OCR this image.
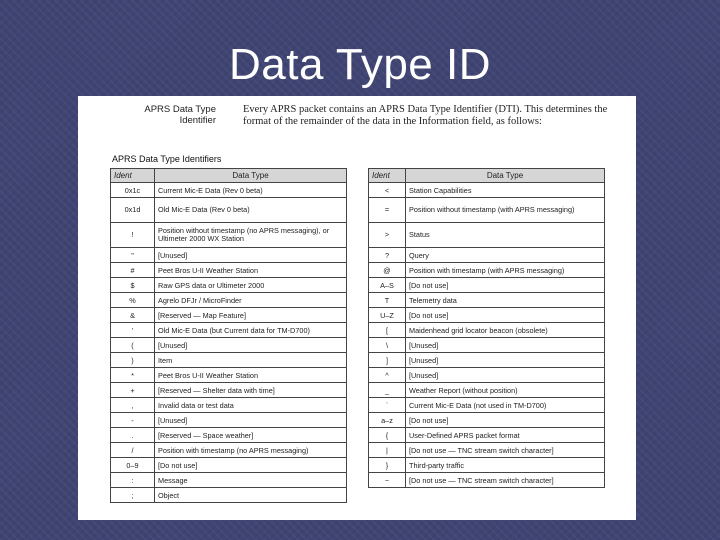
Data Type ID
APRS Data Type Identifier
Every APRS packet contains an APRS Data Type Identifier (DTI). This determines the format of the remainder of the data in the Information field, as follows:
APRS Data Type Identifiers
Ident	Data Type
0x1c	Current Mic-E Data (Rev 0 beta)
0x1d	Old Mic-E Data (Rev 0 beta)
!	Position without timestamp (no APRS messaging), or Ultimeter 2000 WX Station
"	[Unused]
#	Peet Bros U-II Weather Station
$	Raw GPS data or Ultimeter 2000
%	Agrelo DFJr / MicroFinder
&	[Reserved — Map Feature]
'	Old Mic-E Data (but Current data for TM-D700)
(	[Unused]
)	Item
*	Peet Bros U-II Weather Station
+	[Reserved — Shelter data with time]
,	Invalid data or test data
-	[Unused]
.	[Reserved — Space weather]
/	Position with timestamp (no APRS messaging)
0–9	[Do not use]
:	Message
;	Object
Ident	Data Type
<	Station Capabilities
=	Position without timestamp (with APRS messaging)
>	Status
?	Query
@	Position with timestamp (with APRS messaging)
A–S	[Do not use]
T	Telemetry data
U–Z	[Do not use]
[	Maidenhead grid locator beacon (obsolete)
\	[Unused]
]	[Unused]
^	[Unused]
_	Weather Report (without position)
`	Current Mic-E Data (not used in TM-D700)
a–z	[Do not use]
{	User-Defined APRS packet format
|	[Do not use — TNC stream switch character]
}	Third-party traffic
~	[Do not use — TNC stream switch character]
